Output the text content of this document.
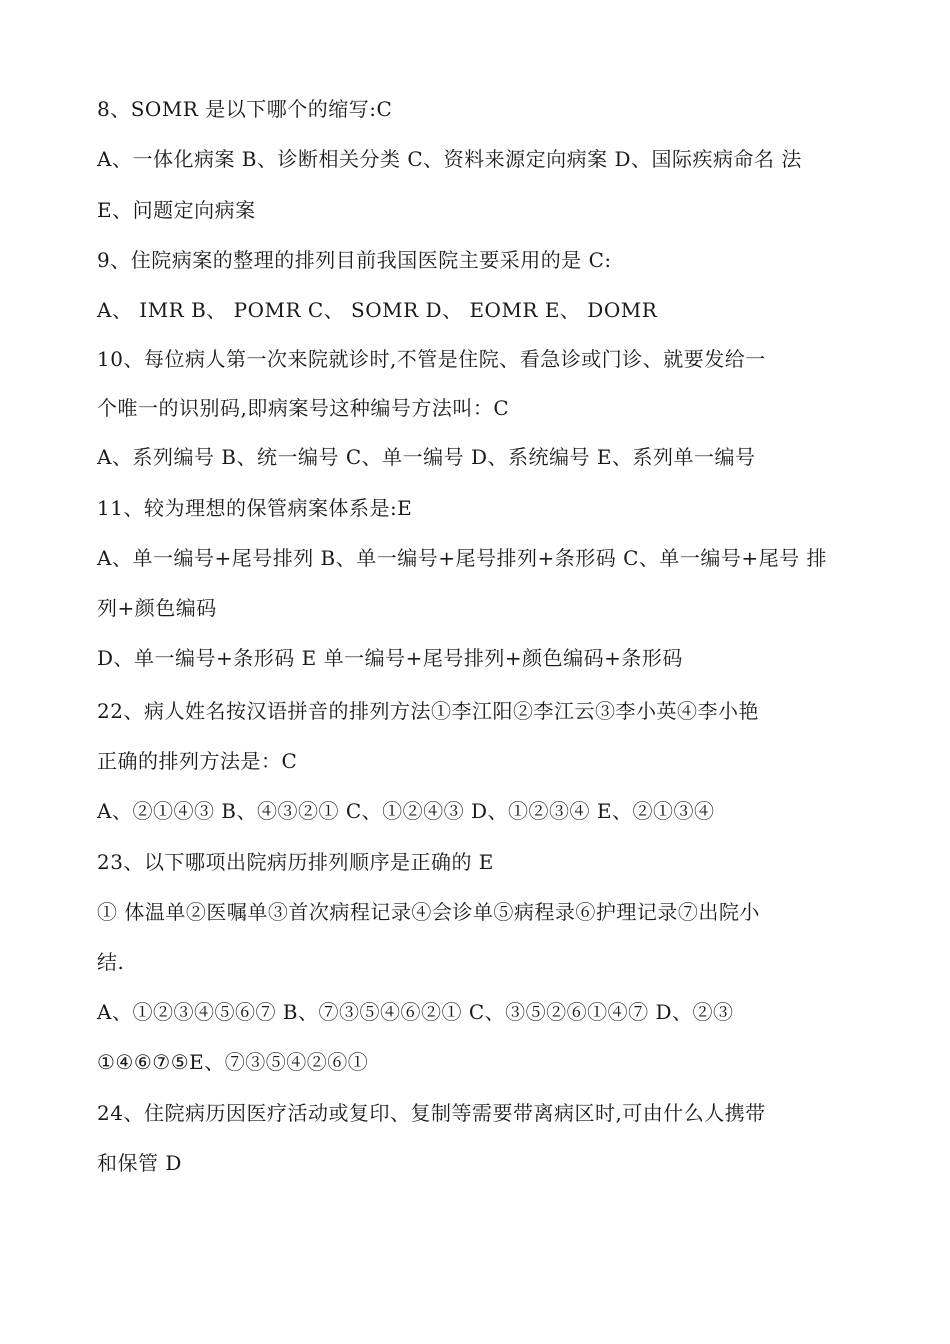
8、SOMR 是以下哪个的缩写:C
A、一体化病案 B、诊断相关分类 C、资料来源定向病案 D、国际疾病命名 法
E、问题定向病案
9、住院病案的整理的排列目前我国医院主要采用的是 C:
A、 IMR B、 POMR C、 SOMR D、 EOMR E、 DOMR
10、每位病人第一次来院就诊时,不管是住院、看急诊或门诊、就要发给一
个唯一的识别码,即病案号这种编号方法叫：C
A、系列编号 B、统一编号 C、单一编号 D、系统编号 E、系列单一编号
11、较为理想的保管病案体系是:E
A、单一编号+尾号排列 B、单一编号+尾号排列+条形码 C、单一编号+尾号 排
列+颜色编码
D、单一编号+条形码 E 单一编号+尾号排列+颜色编码+条形码
22、病人姓名按汉语拼音的排列方法①李江阳②李江云③李小英④李小艳
正确的排列方法是：C
A、②①④③ B、④③②① C、①②④③ D、①②③④ E、②①③④
23、以下哪项出院病历排列顺序是正确的 E
① 体温单②医嘱单③首次病程记录④会诊单⑤病程录⑥护理记录⑦出院小
结.
A、①②③④⑤⑥⑦ B、⑦③⑤④⑥②① C、③⑤②⑥①④⑦ D、②③
①④⑥⑦⑤E、⑦③⑤④②⑥①
24、住院病历因医疗活动或复印、复制等需要带离病区时,可由什么人携带
和保管 D
